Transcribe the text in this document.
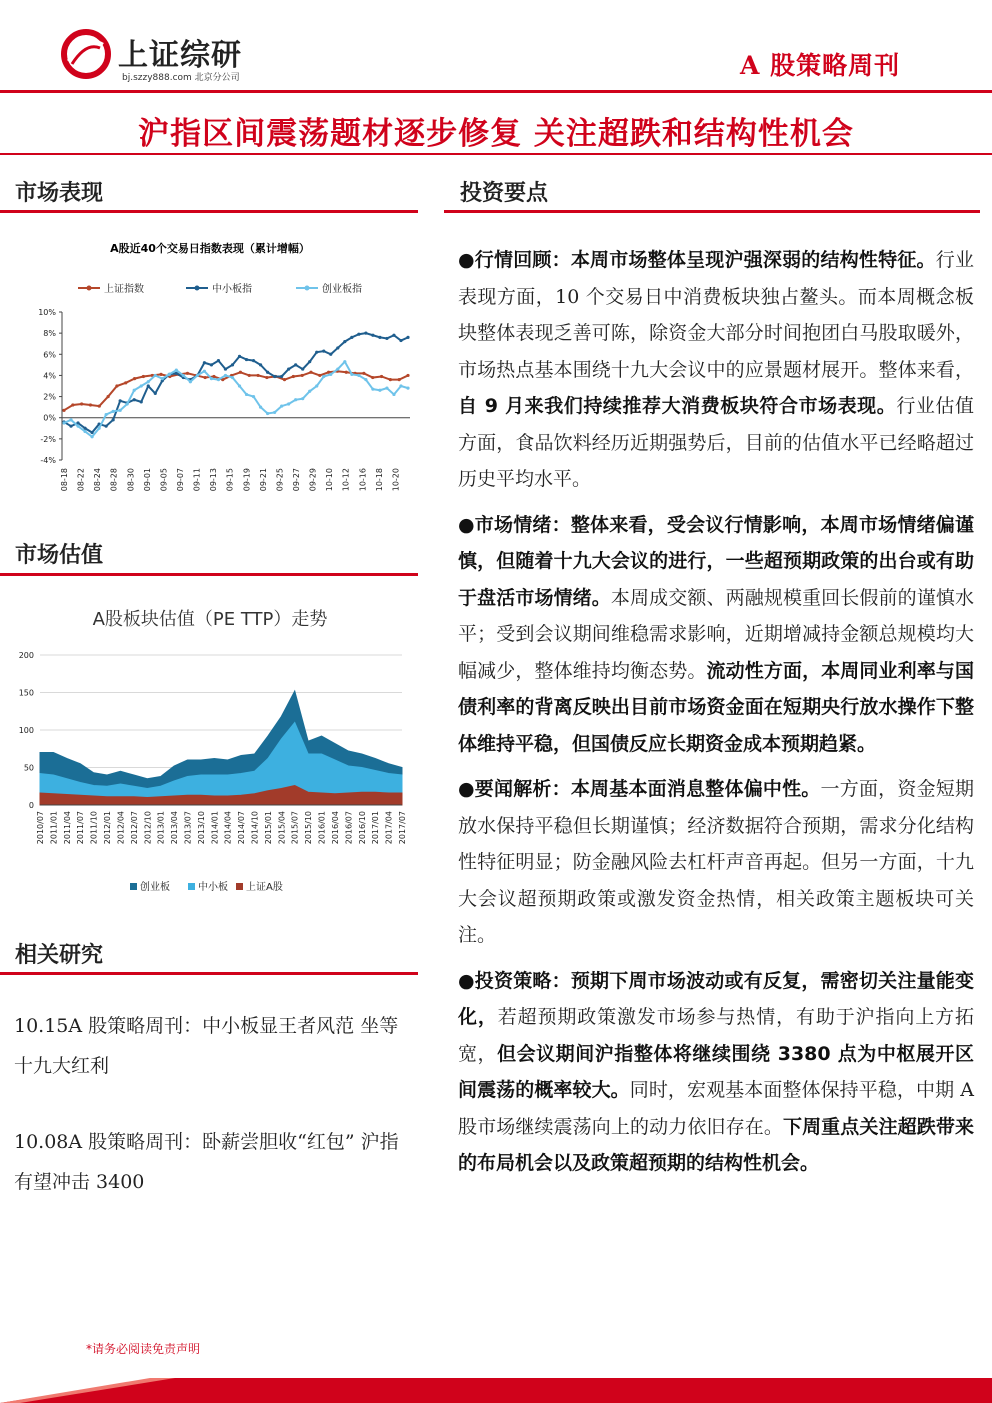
上证综研
bj.szzy888.com 北京分公司	A 股策略周刊
沪指区间震荡题材逐步修复 关注超跌和结构性机会
市场表现
A股近40个交易日指数表现（累计增幅）
上证指数	中小板指	创业板指
10%
8%
6%
4%
2%
0%
-2%
-4%
08-18 08-22 08-24 08-28 08-30 09-01 09-05 09-07 09-11 09-13 09-15 09-19 09-21 09-25 09-27 09-29 10-10 10-12 10-16 10-18 10-20
市场估值
A股板块估值（PE TTP）走势
200
150
100
50
0
2010/07 2011/01 2011/04 2011/07 2011/10 2012/01 2012/04 2012/07 2012/10 2013/01 2013/04 2013/07 2013/10 2014/01 2014/04 2014/07 2014/10 2015/01 2015/04 2015/07 2015/10 2016/01 2016/04 2016/07 2016/10 2017/01 2017/04 2017/07
创业板	中小板 上证A股
相关研究
10.15A 股策略周刊：中小板显王者风范 坐等十九大红利
10.08A 股策略周刊：卧薪尝胆收“红包” 沪指有望冲击 3400
投资要点

●行情回顾：本周市场整体呈现沪强深弱的结构性特征。行业表现方面，10 个交易日中消费板块独占鳌头。而本周概念板块整体表现乏善可陈，除资金大部分时间抱团白马股取暖外，市场热点基本围绕十九大会议中的应景题材展开。整体来看，自 9 月来我们持续推荐大消费板块符合市场表现。行业估值方面，食品饮料经历近期强势后，目前的估值水平已经略超过历史平均水平。

●市场情绪：整体来看，受会议行情影响，本周市场情绪偏谨慎，但随着十九大会议的进行，一些超预期政策的出台或有助于盘活市场情绪。本周成交额、两融规模重回长假前的谨慎水平；受到会议期间维稳需求影响，近期增减持金额总规模均大幅减少，整体维持均衡态势。流动性方面，本周同业利率与国债利率的背离反映出目前市场资金面在短期央行放水操作下整体维持平稳，但国债反应长期资金成本预期趋紧。

●要闻解析：本周基本面消息整体偏中性。一方面，资金短期放水保持平稳但长期谨慎；经济数据符合预期，需求分化结构性特征明显；防金融风险去杠杆声音再起。但另一方面，十九大会议超预期政策或激发资金热情，相关政策主题板块可关注。

●投资策略：预期下周市场波动或有反复，需密切关注量能变化，若超预期政策激发市场参与热情，有助于沪指向上方拓宽，但会议期间沪指整体将继续围绕 3380 点为中枢展开区间震荡的概率较大。同时，宏观基本面整体保持平稳，中期 A 股市场继续震荡向上的动力依旧存在。下周重点关注超跌带来的布局机会以及政策超预期的结构性机会。

*请务必阅读免责声明
